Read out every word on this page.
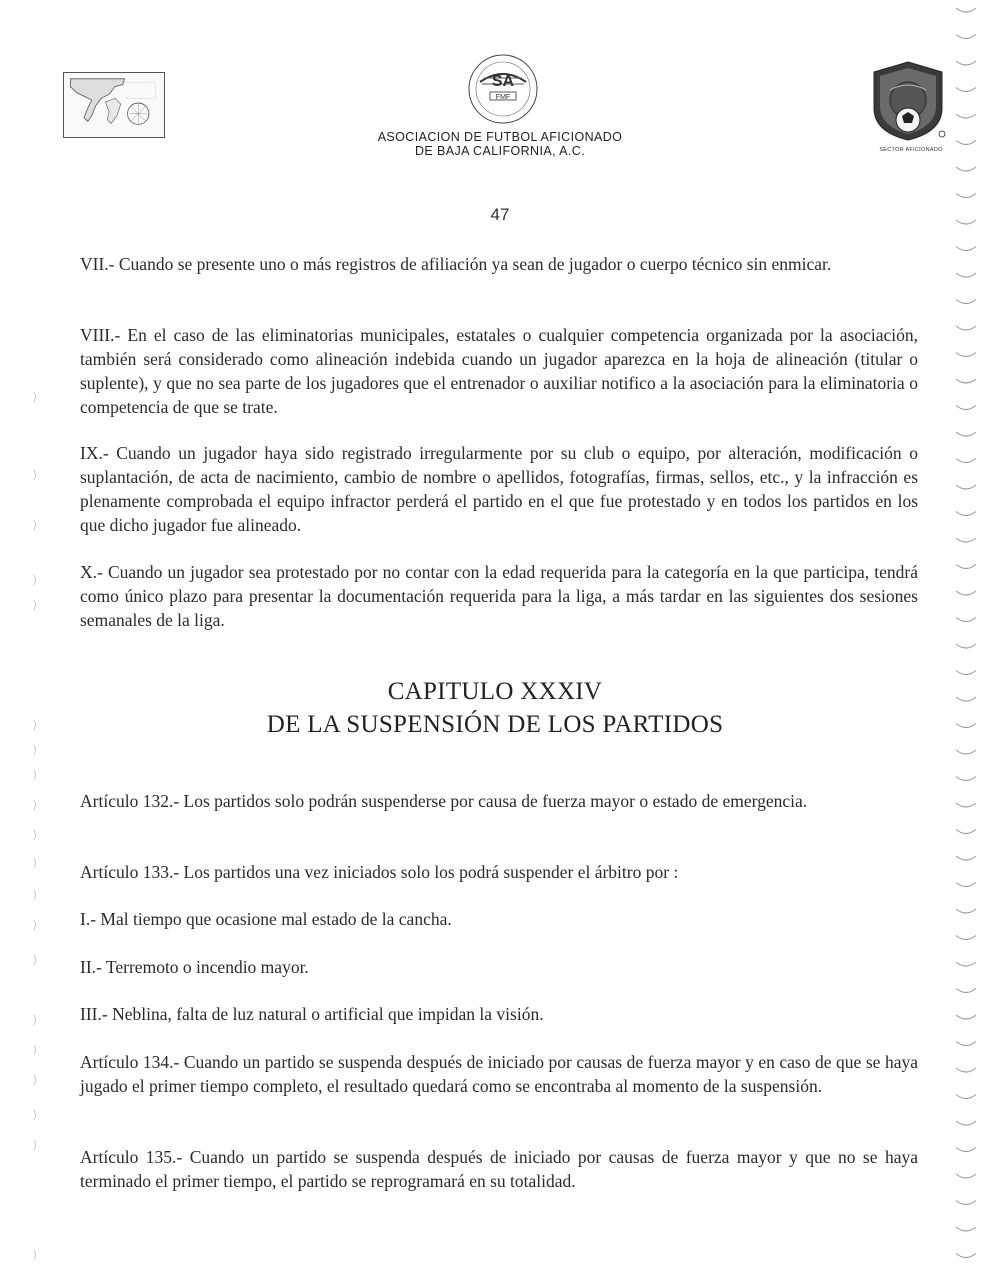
SA
FMF
ASOCIACION DE FUTBOL AFICIONADO
DE BAJA CALIFORNIA, A.C.	SECTOR AFICIONADO
47

VII.- Cuando se presente uno o más registros de afiliación ya sean de jugador o cuerpo técnico sin enmicar.

VIII.- En el caso de las eliminatorias municipales, estatales o cualquier competencia organizada por la asociación, también será considerado como alineación indebida cuando un jugador aparezca en la hoja de alineación (titular o suplente), y que no sea parte de los jugadores que el entrenador o auxiliar notifico a la asociación para la eliminatoria o competencia de que se trate.

IX.- Cuando un jugador haya sido registrado irregularmente por su club o equipo, por alteración, modificación o suplantación, de acta de nacimiento, cambio de nombre o apellidos, fotografías, firmas, sellos, etc., y la infracción es plenamente comprobada el equipo infractor perderá el partido en el que fue protestado y en todos los partidos en los que dicho jugador fue alineado.

X.- Cuando un jugador sea protestado por no contar con la edad requerida para la categoría en la que participa, tendrá como único plazo para presentar la documentación requerida para la liga, a más tardar en las siguientes dos sesiones semanales de la liga.

CAPITULO XXXIV
DE LA SUSPENSIÓN DE LOS PARTIDOS

Artículo 132.- Los partidos solo podrán suspenderse por causa de fuerza mayor o estado de emergencia.

Artículo 133.- Los partidos una vez iniciados solo los podrá suspender el árbitro por :

I.- Mal tiempo que ocasione mal estado de la cancha.

II.- Terremoto o incendio mayor.

III.- Neblina, falta de luz natural o artificial que impidan la visión.

Artículo 134.- Cuando un partido se suspenda después de iniciado por causas de fuerza mayor y en caso de que se haya jugado el primer tiempo completo, el resultado quedará como se encontraba al momento de la suspensión.

Artículo 135.- Cuando un partido se suspenda después de iniciado por causas de fuerza mayor y que no se haya terminado el primer tiempo, el partido se reprogramará en su totalidad.
